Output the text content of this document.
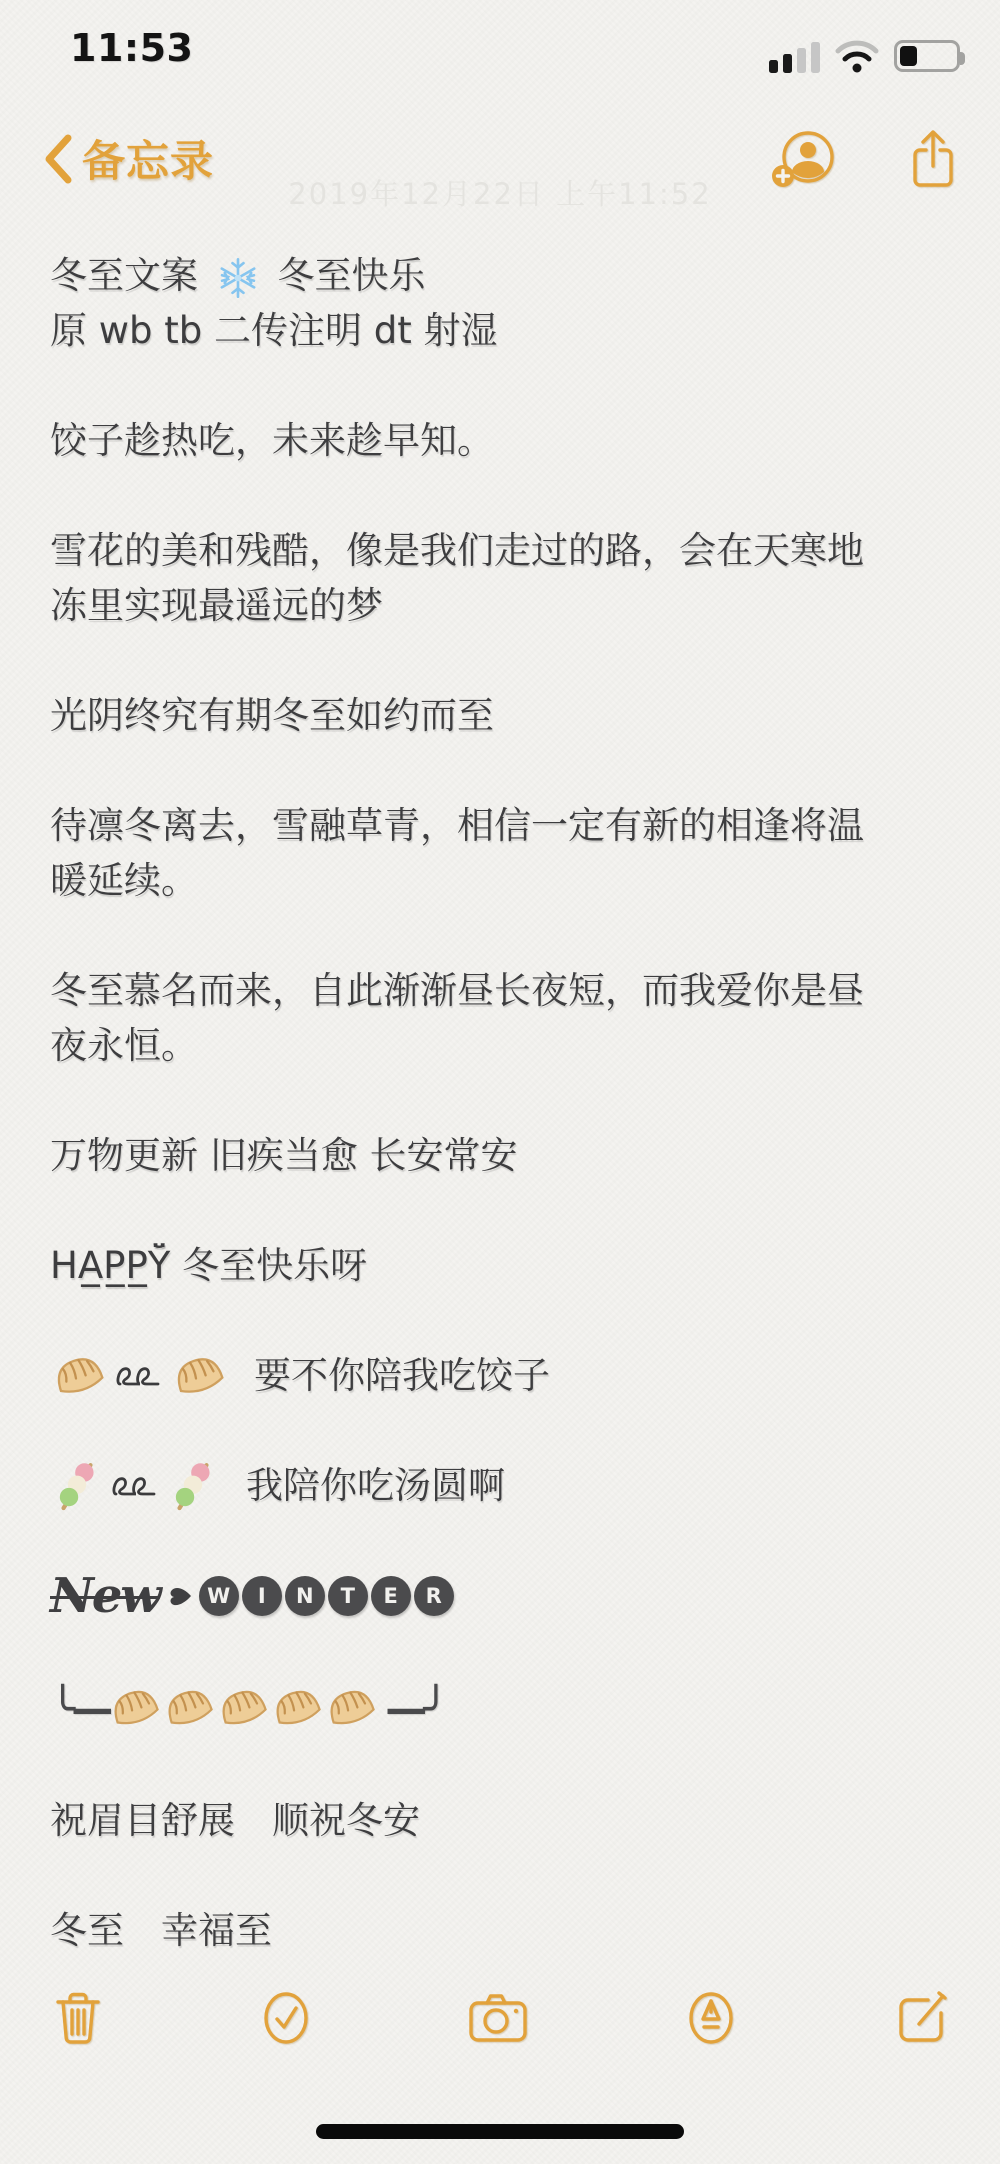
11:53
备忘录
2019年12月22日 上午11:52
冬至文案
冬至快乐
原 wb tb 二传注明 dt 射湿
饺子趁热吃，未来趁早知。
雪花的美和残酷，像是我们走过的路，会在天寒地
冻里实现最遥远的梦
光阴终究有期冬至如约而至
待凛冬离去，雪融草青，相信一定有新的相逢将温
暖延续。
冬至慕名而来，自此渐渐昼长夜短，而我爱你是昼
夜永恒。
万物更新 旧疾当愈 长安常安
HA̲P̲P̲Y̆̈ 冬至快乐呀
要不你陪我吃饺子
我陪你吃汤圆啊
New	W	I	N	T	E	R
╰—	—╯
祝眉目舒展　顺祝冬安
冬至　幸福至
